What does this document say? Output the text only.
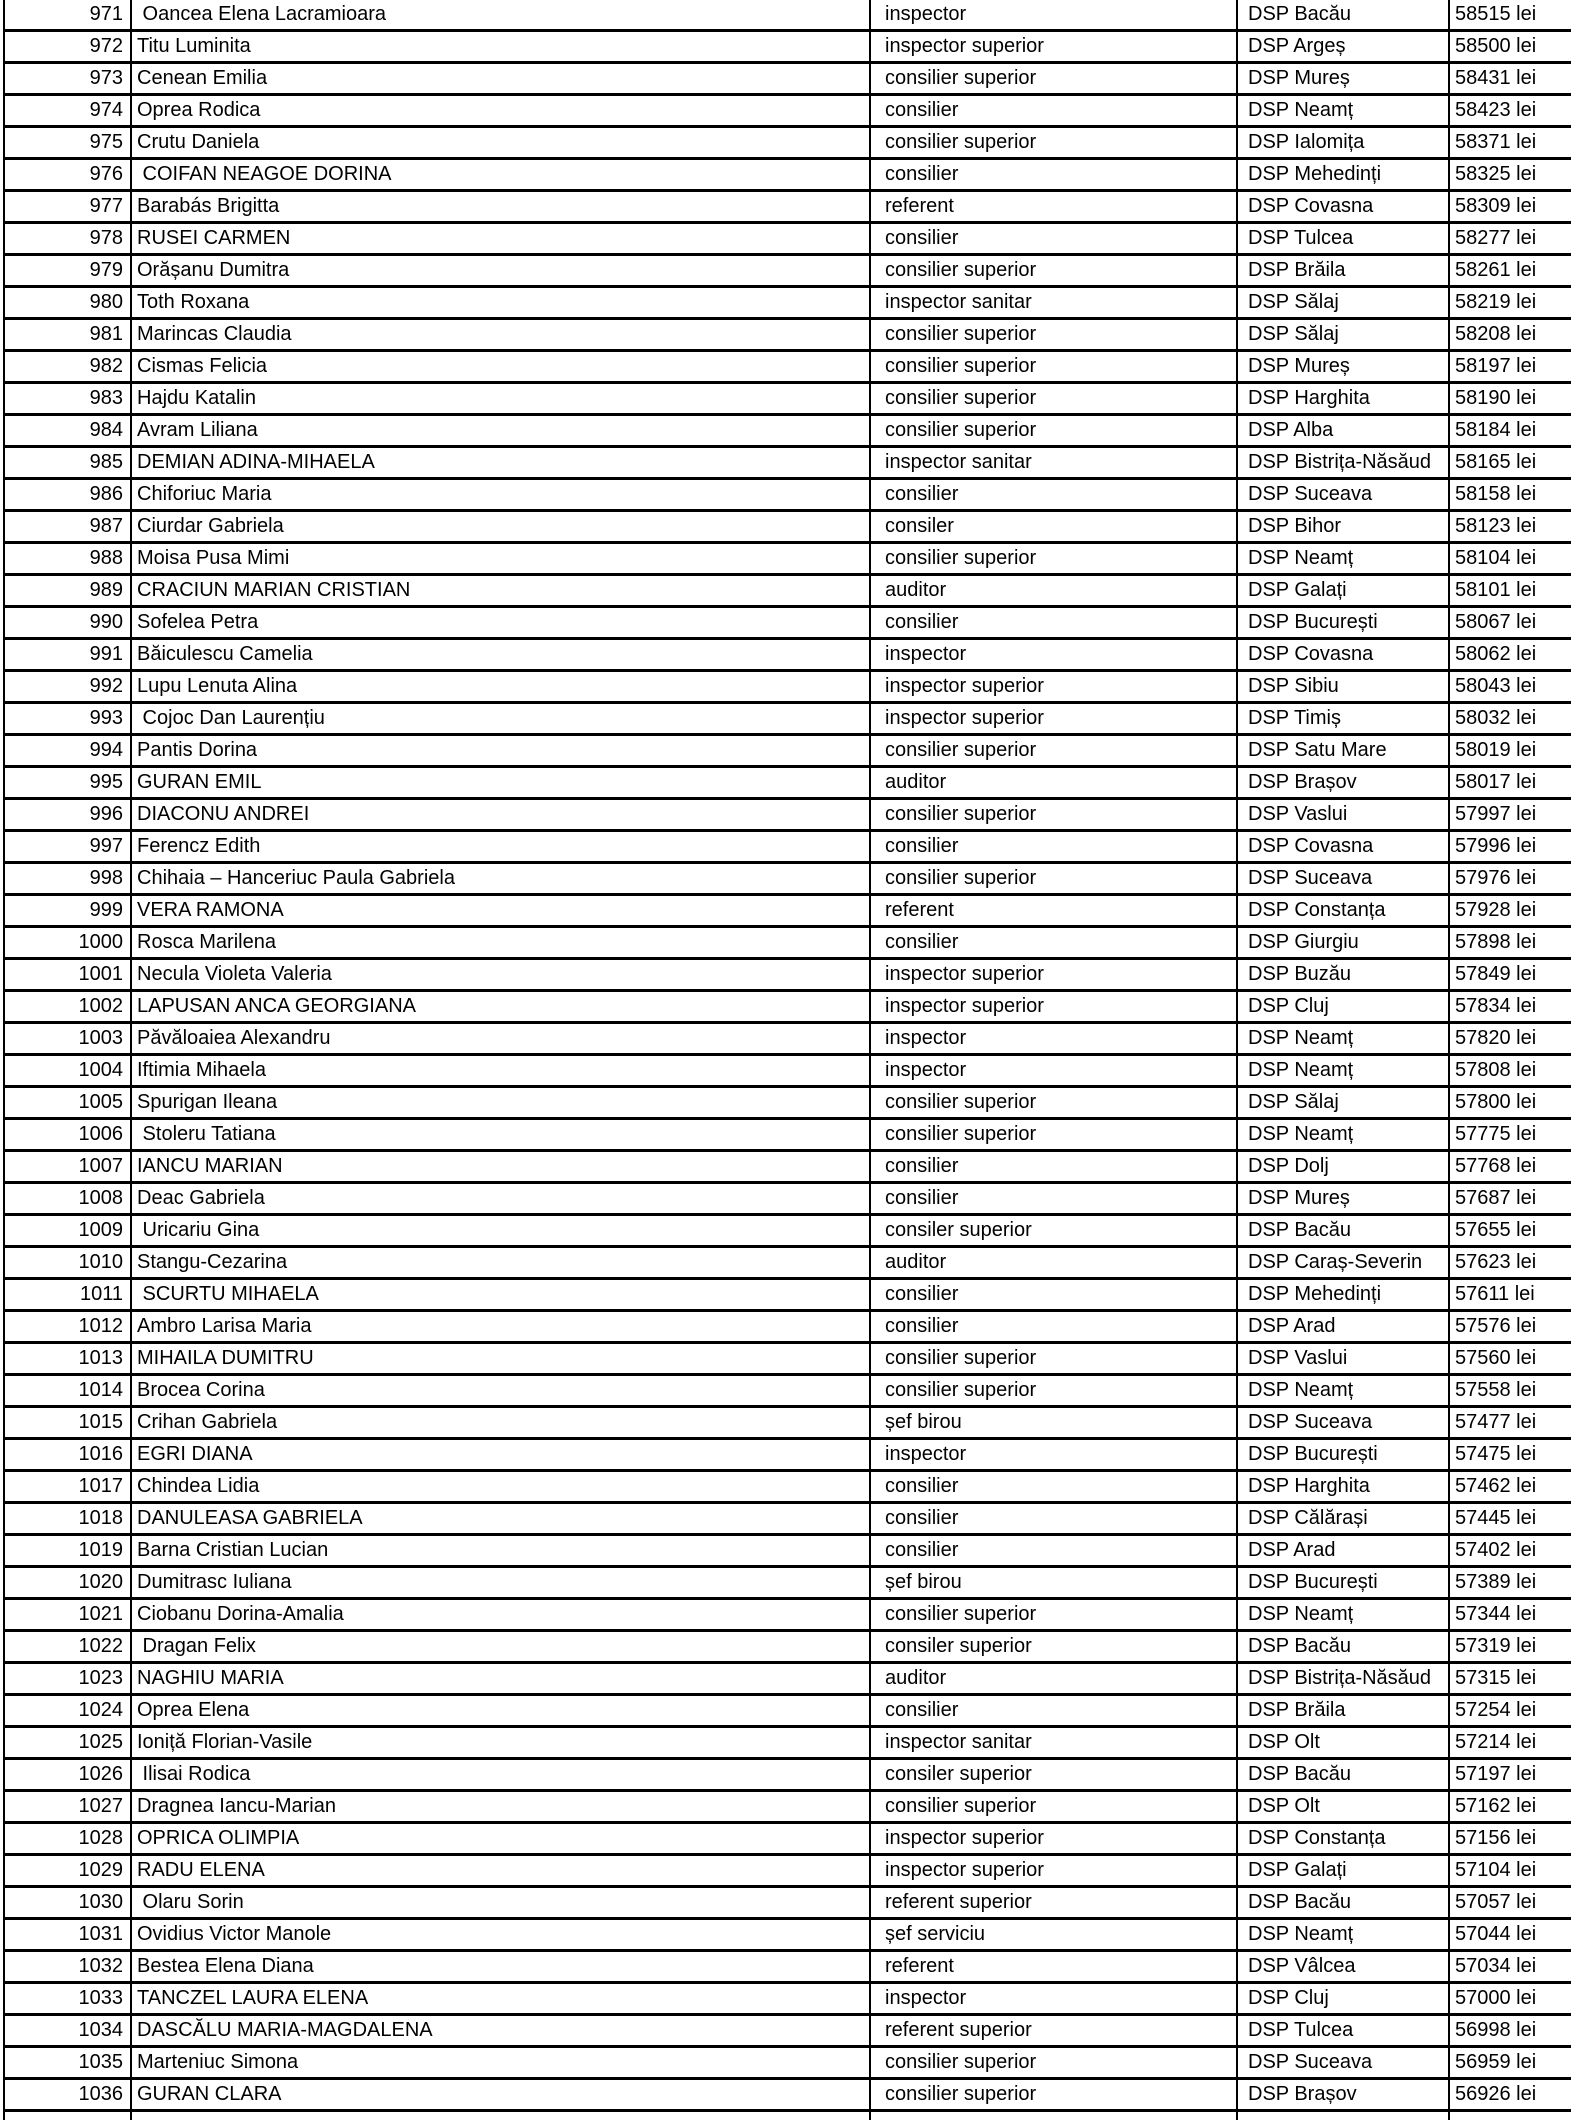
971	Oancea Elena Lacramioara	inspector	DSP Bacău	58515 lei
972	Titu Luminita	inspector superior	DSP Argeș	58500 lei
973	Cenean Emilia	consilier superior	DSP Mureș	58431 lei
974	Oprea Rodica	consilier	DSP Neamț	58423 lei
975	Crutu Daniela	consilier superior	DSP Ialomița	58371 lei
976	COIFAN NEAGOE DORINA	consilier	DSP Mehedinți	58325 lei
977	Barabás Brigitta	referent	DSP Covasna	58309 lei
978	RUSEI CARMEN	consilier	DSP Tulcea	58277 lei
979	Orășanu Dumitra	consilier superior	DSP Brăila	58261 lei
980	Toth Roxana	inspector sanitar	DSP Sălaj	58219 lei
981	Marincas Claudia	consilier superior	DSP Sălaj	58208 lei
982	Cismas Felicia	consilier superior	DSP Mureș	58197 lei
983	Hajdu Katalin	consilier superior	DSP Harghita	58190 lei
984	Avram Liliana	consilier superior	DSP Alba	58184 lei
985	DEMIAN ADINA-MIHAELA	inspector sanitar	DSP Bistrița-Năsăud	58165 lei
986	Chiforiuc Maria	consilier	DSP Suceava	58158 lei
987	Ciurdar Gabriela	consiler	DSP Bihor	58123 lei
988	Moisa Pusa Mimi	consilier superior	DSP Neamț	58104 lei
989	CRACIUN MARIAN CRISTIAN	auditor	DSP Galați	58101 lei
990	Sofelea Petra	consilier	DSP București	58067 lei
991	Băiculescu Camelia	inspector	DSP Covasna	58062 lei
992	Lupu Lenuta Alina	inspector superior	DSP Sibiu	58043 lei
993	Cojoc Dan Laurențiu	inspector superior	DSP Timiș	58032 lei
994	Pantis Dorina	consilier superior	DSP Satu Mare	58019 lei
995	GURAN EMIL	auditor	DSP Brașov	58017 lei
996	DIACONU ANDREI	consilier superior	DSP Vaslui	57997 lei
997	Ferencz Edith	consilier	DSP Covasna	57996 lei
998	Chihaia – Hanceriuc Paula Gabriela	consilier superior	DSP Suceava	57976 lei
999	VERA RAMONA	referent	DSP Constanța	57928 lei
1000	Rosca Marilena	consilier	DSP Giurgiu	57898 lei
1001	Necula Violeta Valeria	inspector superior	DSP Buzău	57849 lei
1002	LAPUSAN ANCA GEORGIANA	inspector superior	DSP Cluj	57834 lei
1003	Păvăloaiea Alexandru	inspector	DSP Neamț	57820 lei
1004	Iftimia Mihaela	inspector	DSP Neamț	57808 lei
1005	Spurigan Ileana	consilier superior	DSP Sălaj	57800 lei
1006	Stoleru Tatiana	consilier superior	DSP Neamț	57775 lei
1007	IANCU MARIAN	consilier	DSP Dolj	57768 lei
1008	Deac Gabriela	consilier	DSP Mureș	57687 lei
1009	Uricariu Gina	consiler superior	DSP Bacău	57655 lei
1010	Stangu-Cezarina	auditor	DSP Caraș-Severin	57623 lei
1011	SCURTU MIHAELA	consilier	DSP Mehedinți	57611 lei
1012	Ambro Larisa Maria	consilier	DSP Arad	57576 lei
1013	MIHAILA DUMITRU	consilier superior	DSP Vaslui	57560 lei
1014	Brocea Corina	consilier superior	DSP Neamț	57558 lei
1015	Crihan Gabriela	șef birou	DSP Suceava	57477 lei
1016	EGRI DIANA	inspector	DSP București	57475 lei
1017	Chindea Lidia	consilier	DSP Harghita	57462 lei
1018	DANULEASA GABRIELA	consilier	DSP Călărași	57445 lei
1019	Barna Cristian Lucian	consilier	DSP Arad	57402 lei
1020	Dumitrasc Iuliana	șef birou	DSP București	57389 lei
1021	Ciobanu Dorina-Amalia	consilier superior	DSP Neamț	57344 lei
1022	Dragan Felix	consiler superior	DSP Bacău	57319 lei
1023	NAGHIU MARIA	auditor	DSP Bistrița-Năsăud	57315 lei
1024	Oprea Elena	consilier	DSP Brăila	57254 lei
1025	Ioniță Florian-Vasile	inspector sanitar	DSP Olt	57214 lei
1026	Ilisai Rodica	consiler superior	DSP Bacău	57197 lei
1027	Dragnea Iancu-Marian	consilier superior	DSP Olt	57162 lei
1028	OPRICA OLIMPIA	inspector superior	DSP Constanța	57156 lei
1029	RADU ELENA	inspector superior	DSP Galați	57104 lei
1030	Olaru Sorin	referent superior	DSP Bacău	57057 lei
1031	Ovidius Victor Manole	șef serviciu	DSP Neamț	57044 lei
1032	Bestea Elena Diana	referent	DSP Vâlcea	57034 lei
1033	TANCZEL LAURA ELENA	inspector	DSP Cluj	57000 lei
1034	DASCĂLU MARIA-MAGDALENA	referent superior	DSP Tulcea	56998 lei
1035	Marteniuc Simona	consilier superior	DSP Suceava	56959 lei
1036	GURAN CLARA	consilier superior	DSP Brașov	56926 lei
